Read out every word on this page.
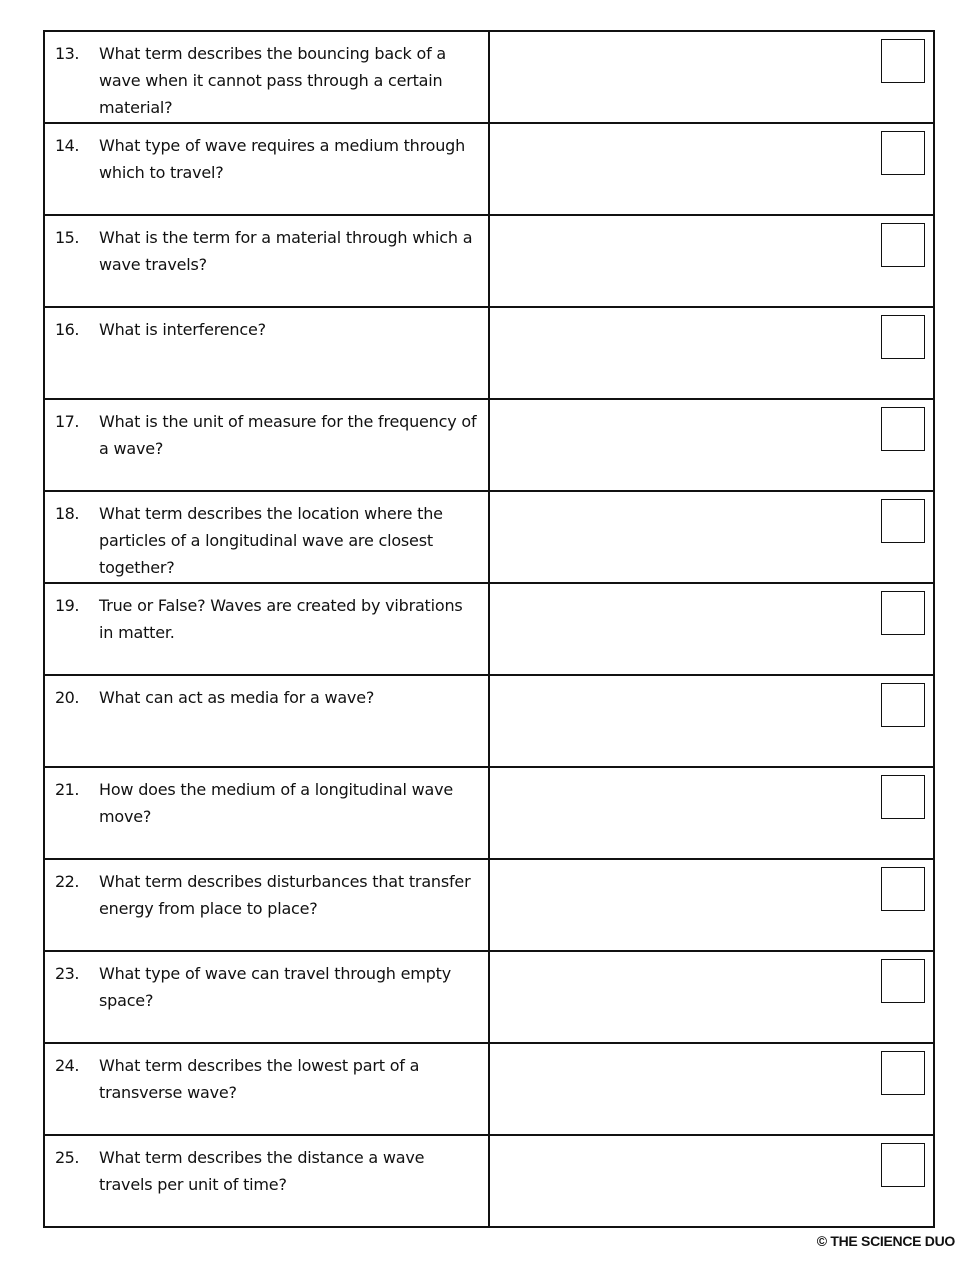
13.	What term describes the bouncing back of a wave when it cannot pass through a certain material?
14.	What type of wave requires a medium through which to travel?
15.	What is the term for a material through which a wave travels?
16.	What is interference?
17.	What is the unit of measure for the frequency of a wave?
18.	What term describes the location where the particles of a longitudinal wave are closest together?
19.	True or False? Waves are created by vibrations in matter.
20.	What can act as media for a wave?
21.	How does the medium of a longitudinal wave move?
22.	What term describes disturbances that transfer energy from place to place?
23.	What type of wave can travel through empty space?
24.	What term describes the lowest part of a transverse wave?
25.	What term describes the distance a wave travels per unit of time?
© THE SCIENCE DUO
